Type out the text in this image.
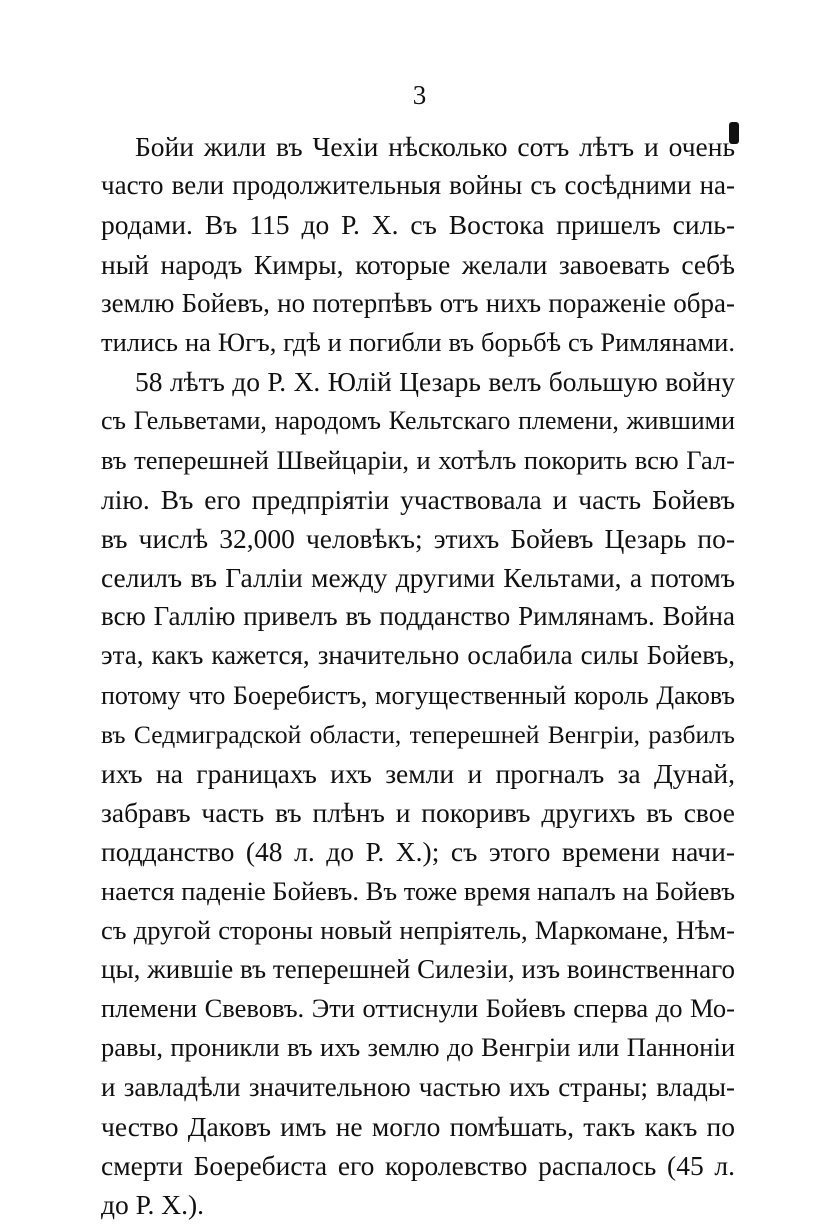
3
Бойи жили въ Чехiи нѣсколько сотъ лѣтъ и очень
часто вели продолжительныя войны съ сосѣдними на-
родами. Въ 115 до Р. Х. съ Востока пришелъ силь-
ный народъ Кимры, которые желали завоевать себѣ
землю Бойевъ, но потерпѣвъ отъ нихъ пораженiе обра-
тились на Югъ, гдѣ и погибли въ борьбѣ съ Римлянами.
58 лѣтъ до Р. Х. Юлiй Цезарь велъ большую войну
съ Гельветами, народомъ Кельтскаго племени, жившими
въ теперешней Швейцарiи, и хотѣлъ покорить всю Гал-
лiю. Въ его предпрiятiи участвовала и часть Бойевъ
въ числѣ 32,000 человѣкъ; этихъ Бойевъ Цезарь по-
селилъ въ Галлiи между другими Кельтами, а потомъ
всю Галлiю привелъ въ подданство Римлянамъ. Война
эта, какъ кажется, значительно ослабила силы Бойевъ,
потому что Боеребистъ, могущественный король Даковъ
въ Седмиградской области, теперешней Венгрiи, разбилъ
ихъ на границахъ ихъ земли и прогналъ за Дунай,
забравъ часть въ плѣнъ и покоривъ другихъ въ свое
подданство (48 л. до Р. Х.); съ этого времени начи-
нается паденiе Бойевъ. Въ тоже время напалъ на Бойевъ
съ другой стороны новый непрiятель, Маркомане, Нѣм-
цы, жившiе въ теперешней Силезiи, изъ воинственнаго
племени Свевовъ. Эти оттиснули Бойевъ сперва до Мо-
равы, проникли въ ихъ землю до Венгрiи или Паннонiи
и завладѣли значительною частью ихъ страны; влады-
чество Даковъ имъ не могло помѣшать, такъ какъ по
смерти Боеребиста его королевство распалось (45 л.
до Р. Х.).
